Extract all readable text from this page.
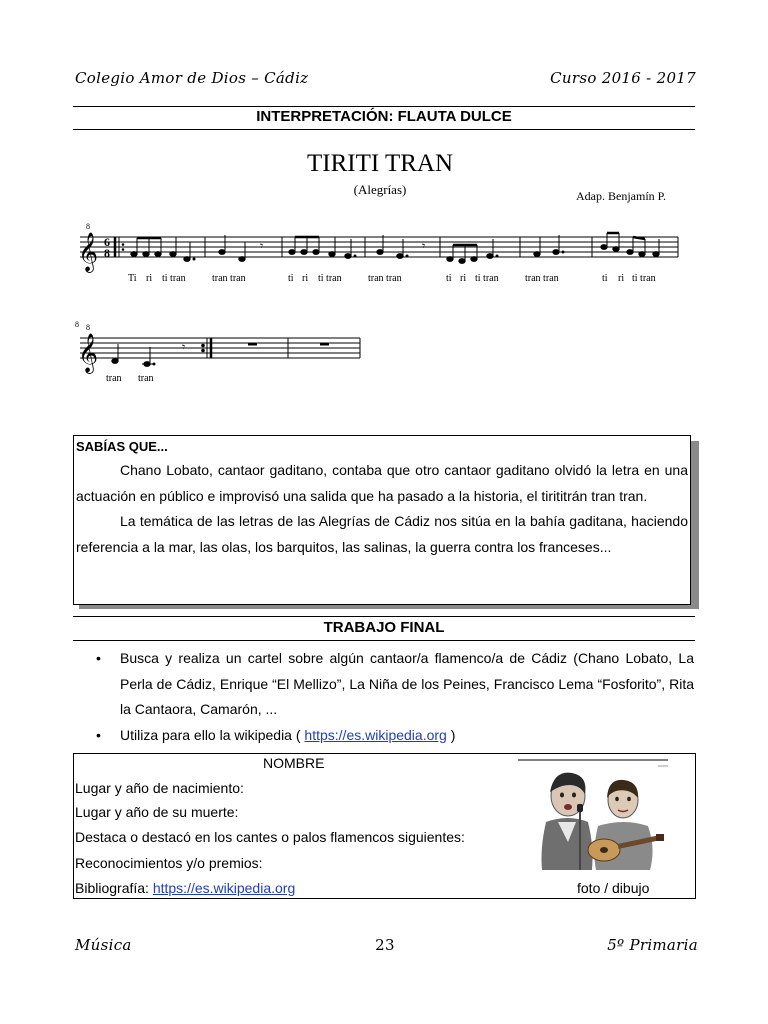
Colegio Amor de Dios – Cádiz	Curso 2016 - 2017
INTERPRETACIÓN: FLAUTA DULCE
TIRITI TRAN
(Alegrías)	Adap. Benjamín P.
𝄞
8
6
8	𝄾	𝄾
Ti ri ti tran	tran tran	ti ri ti tran	tran tran	ti ri ti tran	tran tran	ti ri ti tran
8 8
𝄞	𝄾
tran tran
SABÍAS QUE...

Chano Lobato, cantaor gaditano, contaba que otro cantaor gaditano olvidó la letra en una actuación en público e improvisó una salida que ha pasado a la historia, el tirititrán tran tran.

La temática de las letras de las Alegrías de Cádiz nos sitúa en la bahía gaditana, haciendo referencia a la mar, las olas, los barquitos, las salinas, la guerra contra los franceses...

TRABAJO FINAL
• Busca y realiza un cartel sobre algún cantaor/a flamenco/a de Cádiz (Chano Lobato, La Perla de Cádiz, Enrique “El Mellizo”, La Niña de los Peines, Francisco Lema “Fosforito”, Rita la Cantaora, Camarón, ...
• Utiliza para ello la wikipedia ( https://es.wikipedia.org )
NOMBRE
Lugar y año de nacimiento:
Lugar y año de su muerte:
Destaca o destacó en los cantes o palos flamencos siguientes:
Reconocimientos y/o premios:
Bibliografía: https://es.wikipedia.org	foto / dibujo
Música	23	5º Primaria
